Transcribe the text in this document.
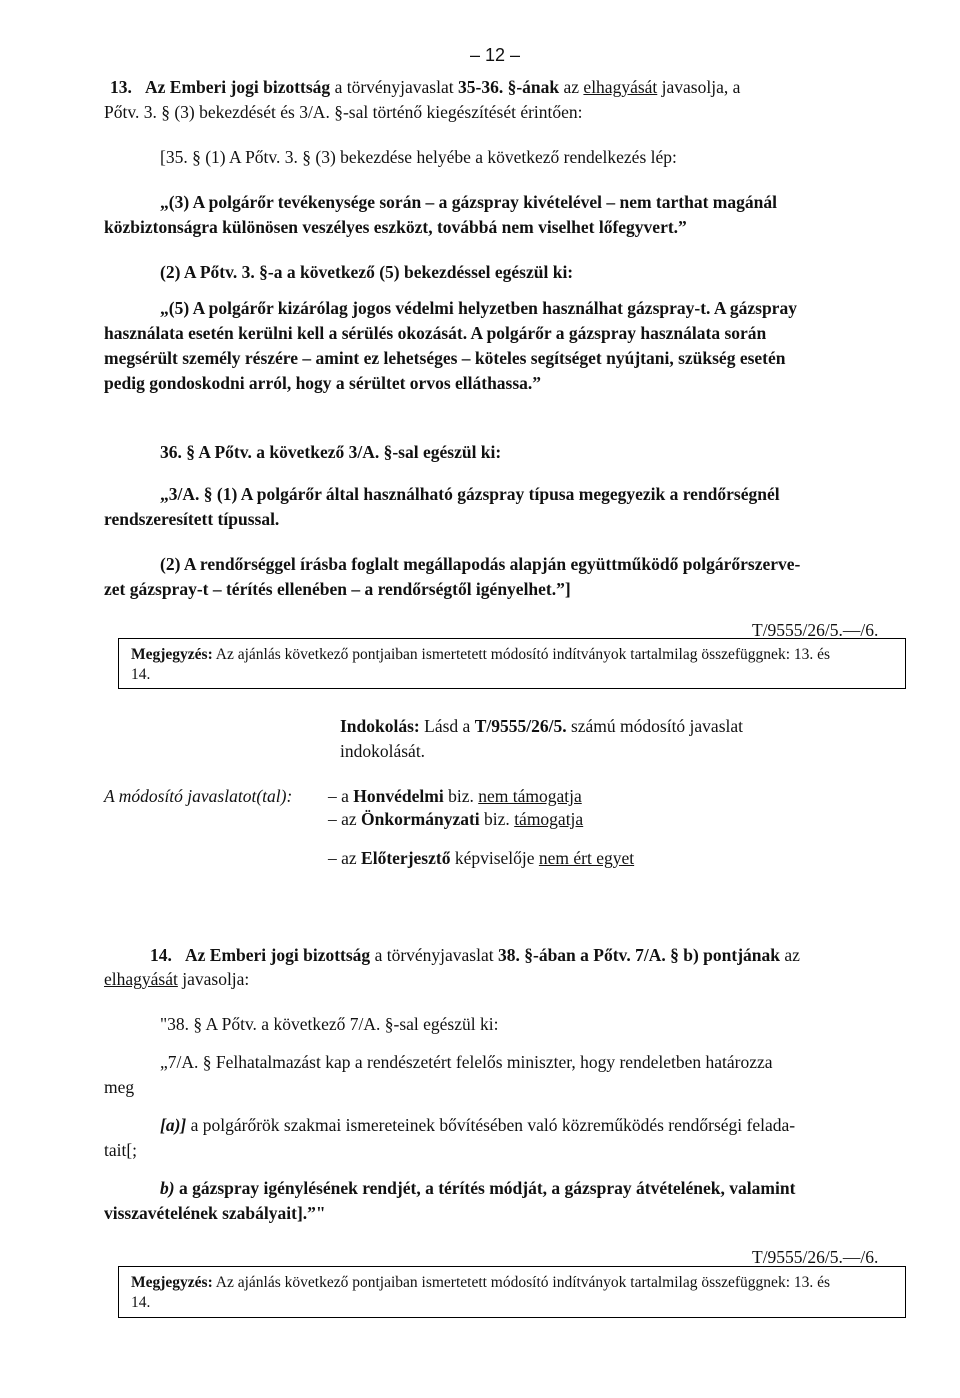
– 12 –
13. Az Emberi jogi bizottság a törvényjavaslat 35-36. §-ának az elhagyását javasolja, a
Pőtv. 3. § (3) bekezdését és 3/A. §-sal történő kiegészítését érintően:
[35. § (1) A Pőtv. 3. § (3) bekezdése helyébe a következő rendelkezés lép:
„(3) A polgárőr tevékenysége során – a gázspray kivételével – nem tarthat magánál
közbiztonságra különösen veszélyes eszközt, továbbá nem viselhet lőfegyvert.”
(2) A Pőtv. 3. §-a a következő (5) bekezdéssel egészül ki:
„(5) A polgárőr kizárólag jogos védelmi helyzetben használhat gázspray-t. A gázspray
használata esetén kerülni kell a sérülés okozását. A polgárőr a gázspray használata során
megsérült személy részére – amint ez lehetséges – köteles segítséget nyújtani, szükség esetén
pedig gondoskodni arról, hogy a sérültet orvos elláthassa.”
36. § A Pőtv. a következő 3/A. §-sal egészül ki:
„3/A. § (1) A polgárőr által használható gázspray típusa megegyezik a rendőrségnél
rendszeresített típussal.
(2) A rendőrséggel írásba foglalt megállapodás alapján együttműködő polgárőrszerve-
zet gázspray-t – térítés ellenében – a rendőrségtől igényelhet.”]
T/9555/26/5.—/6.
Megjegyzés: Az ajánlás következő pontjaiban ismertetett módosító indítványok tartalmilag összefüggnek: 13. és
14.
Indokolás: Lásd a T/9555/26/5. számú módosító javaslat
indokolását.
A módosító javaslatot(tal): – a Honvédelmi biz. nem támogatja
– az Önkormányzati biz. támogatja
– az Előterjesztő képviselője nem ért egyet
14. Az Emberi jogi bizottság a törvényjavaslat 38. §-ában a Pőtv. 7/A. § b) pontjának az
elhagyását javasolja:
"38. § A Pőtv. a következő 7/A. §-sal egészül ki:
„7/A. § Felhatalmazást kap a rendészetért felelős miniszter, hogy rendeletben határozza
meg
[a)] a polgárőrök szakmai ismereteinek bővítésében való közreműködés rendőrségi felada-
tait[;
b) a gázspray igénylésének rendjét, a térítés módját, a gázspray átvételének, valamint
visszavételének szabályait].”"
T/9555/26/5.—/6.
Megjegyzés: Az ajánlás következő pontjaiban ismertetett módosító indítványok tartalmilag összefüggnek: 13. és
14.
